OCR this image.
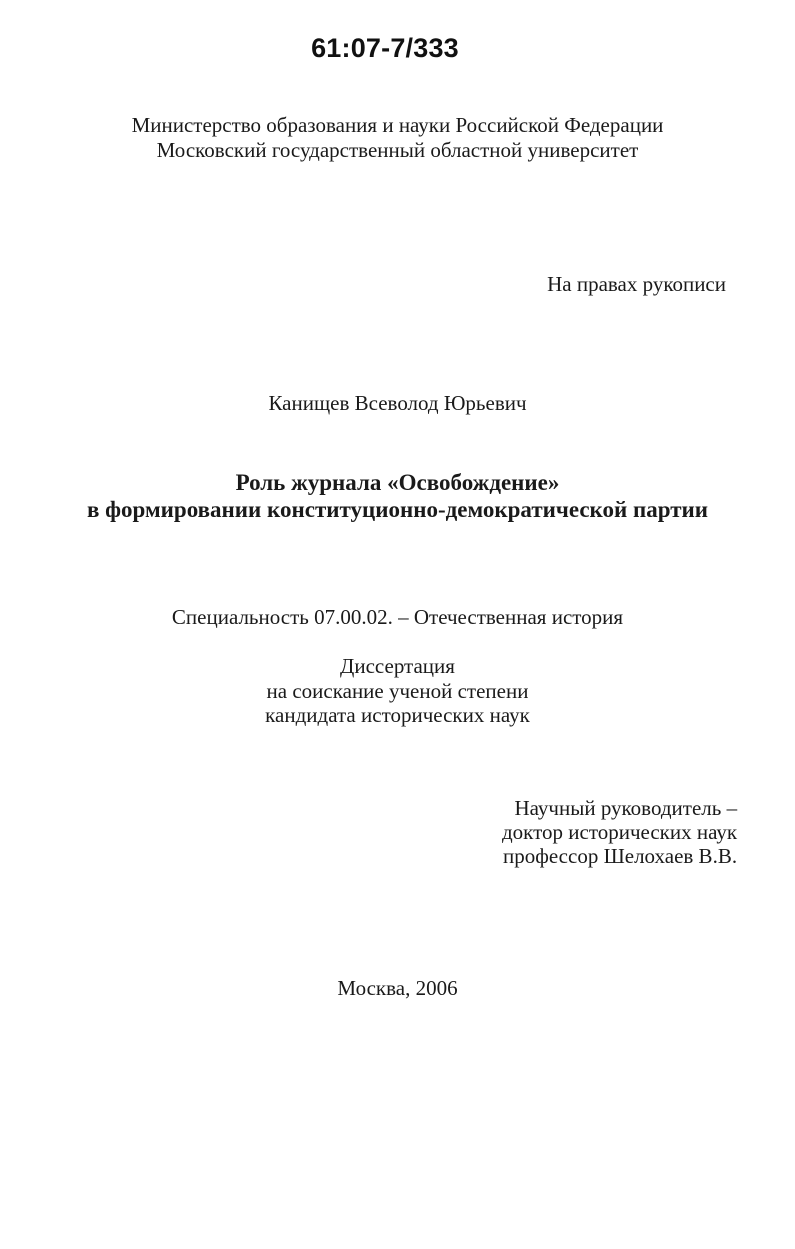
61:07-7/333
Министерство образования и науки Российской Федерации
Московский государственный областной университет
На правах рукописи
Канищев Всеволод Юрьевич
Роль журнала «Освобождение»
в формировании конституционно-демократической партии
Специальность 07.00.02. – Отечественная история
Диссертация
на соискание ученой степени
кандидата исторических наук
Научный руководитель –
доктор исторических наук
профессор Шелохаев В.В.
Москва, 2006
